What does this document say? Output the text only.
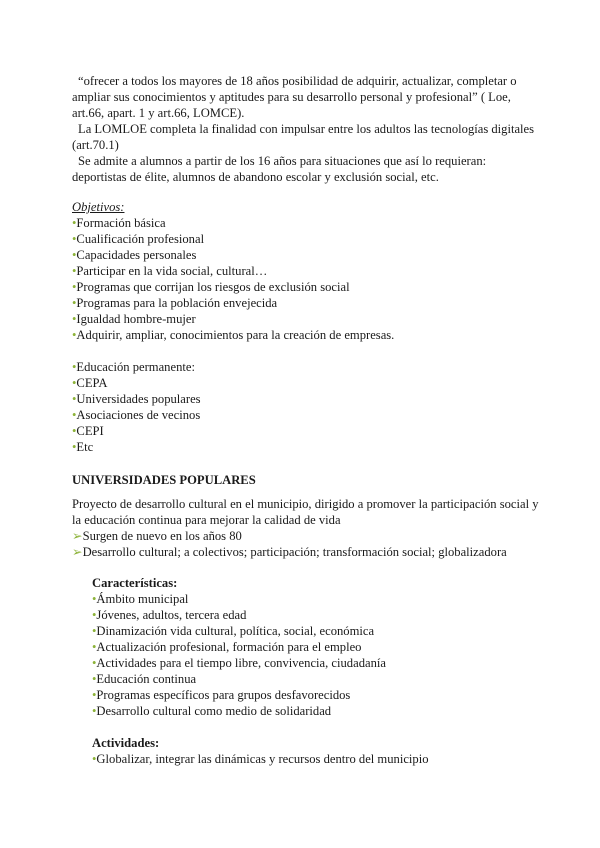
“ofrecer a todos los mayores de 18 años posibilidad de adquirir, actualizar, completar o
ampliar sus conocimientos y aptitudes para su desarrollo personal y profesional” ( Loe,
art.66, apart. 1 y art.66, LOMCE).
La LOMLOE completa la finalidad con impulsar entre los adultos las tecnologías digitales
(art.70.1)
Se admite a alumnos a partir de los 16 años para situaciones que así lo requieran:
deportistas de élite, alumnos de abandono escolar y exclusión social, etc.
Objetivos:
•Formación básica
•Cualificación profesional
•Capacidades personales
•Participar en la vida social, cultural…
•Programas que corrijan los riesgos de exclusión social
•Programas para la población envejecida
•Igualdad hombre-mujer
•Adquirir, ampliar, conocimientos para la creación de empresas.
•Educación permanente:
•CEPA
•Universidades populares
•Asociaciones de vecinos
•CEPI
•Etc
UNIVERSIDADES POPULARES
Proyecto de desarrollo cultural en el municipio, dirigido a promover la participación social y
la educación continua para mejorar la calidad de vida
➢Surgen de nuevo en los años 80
➢Desarrollo cultural; a colectivos; participación; transformación social; globalizadora
Características:
•Ámbito municipal
•Jóvenes, adultos, tercera edad
•Dinamización vida cultural, política, social, económica
•Actualización profesional, formación para el empleo
•Actividades para el tiempo libre, convivencia, ciudadanía
•Educación continua
•Programas específicos para grupos desfavorecidos
•Desarrollo cultural como medio de solidaridad
Actividades:
•Globalizar, integrar las dinámicas y recursos dentro del municipio
